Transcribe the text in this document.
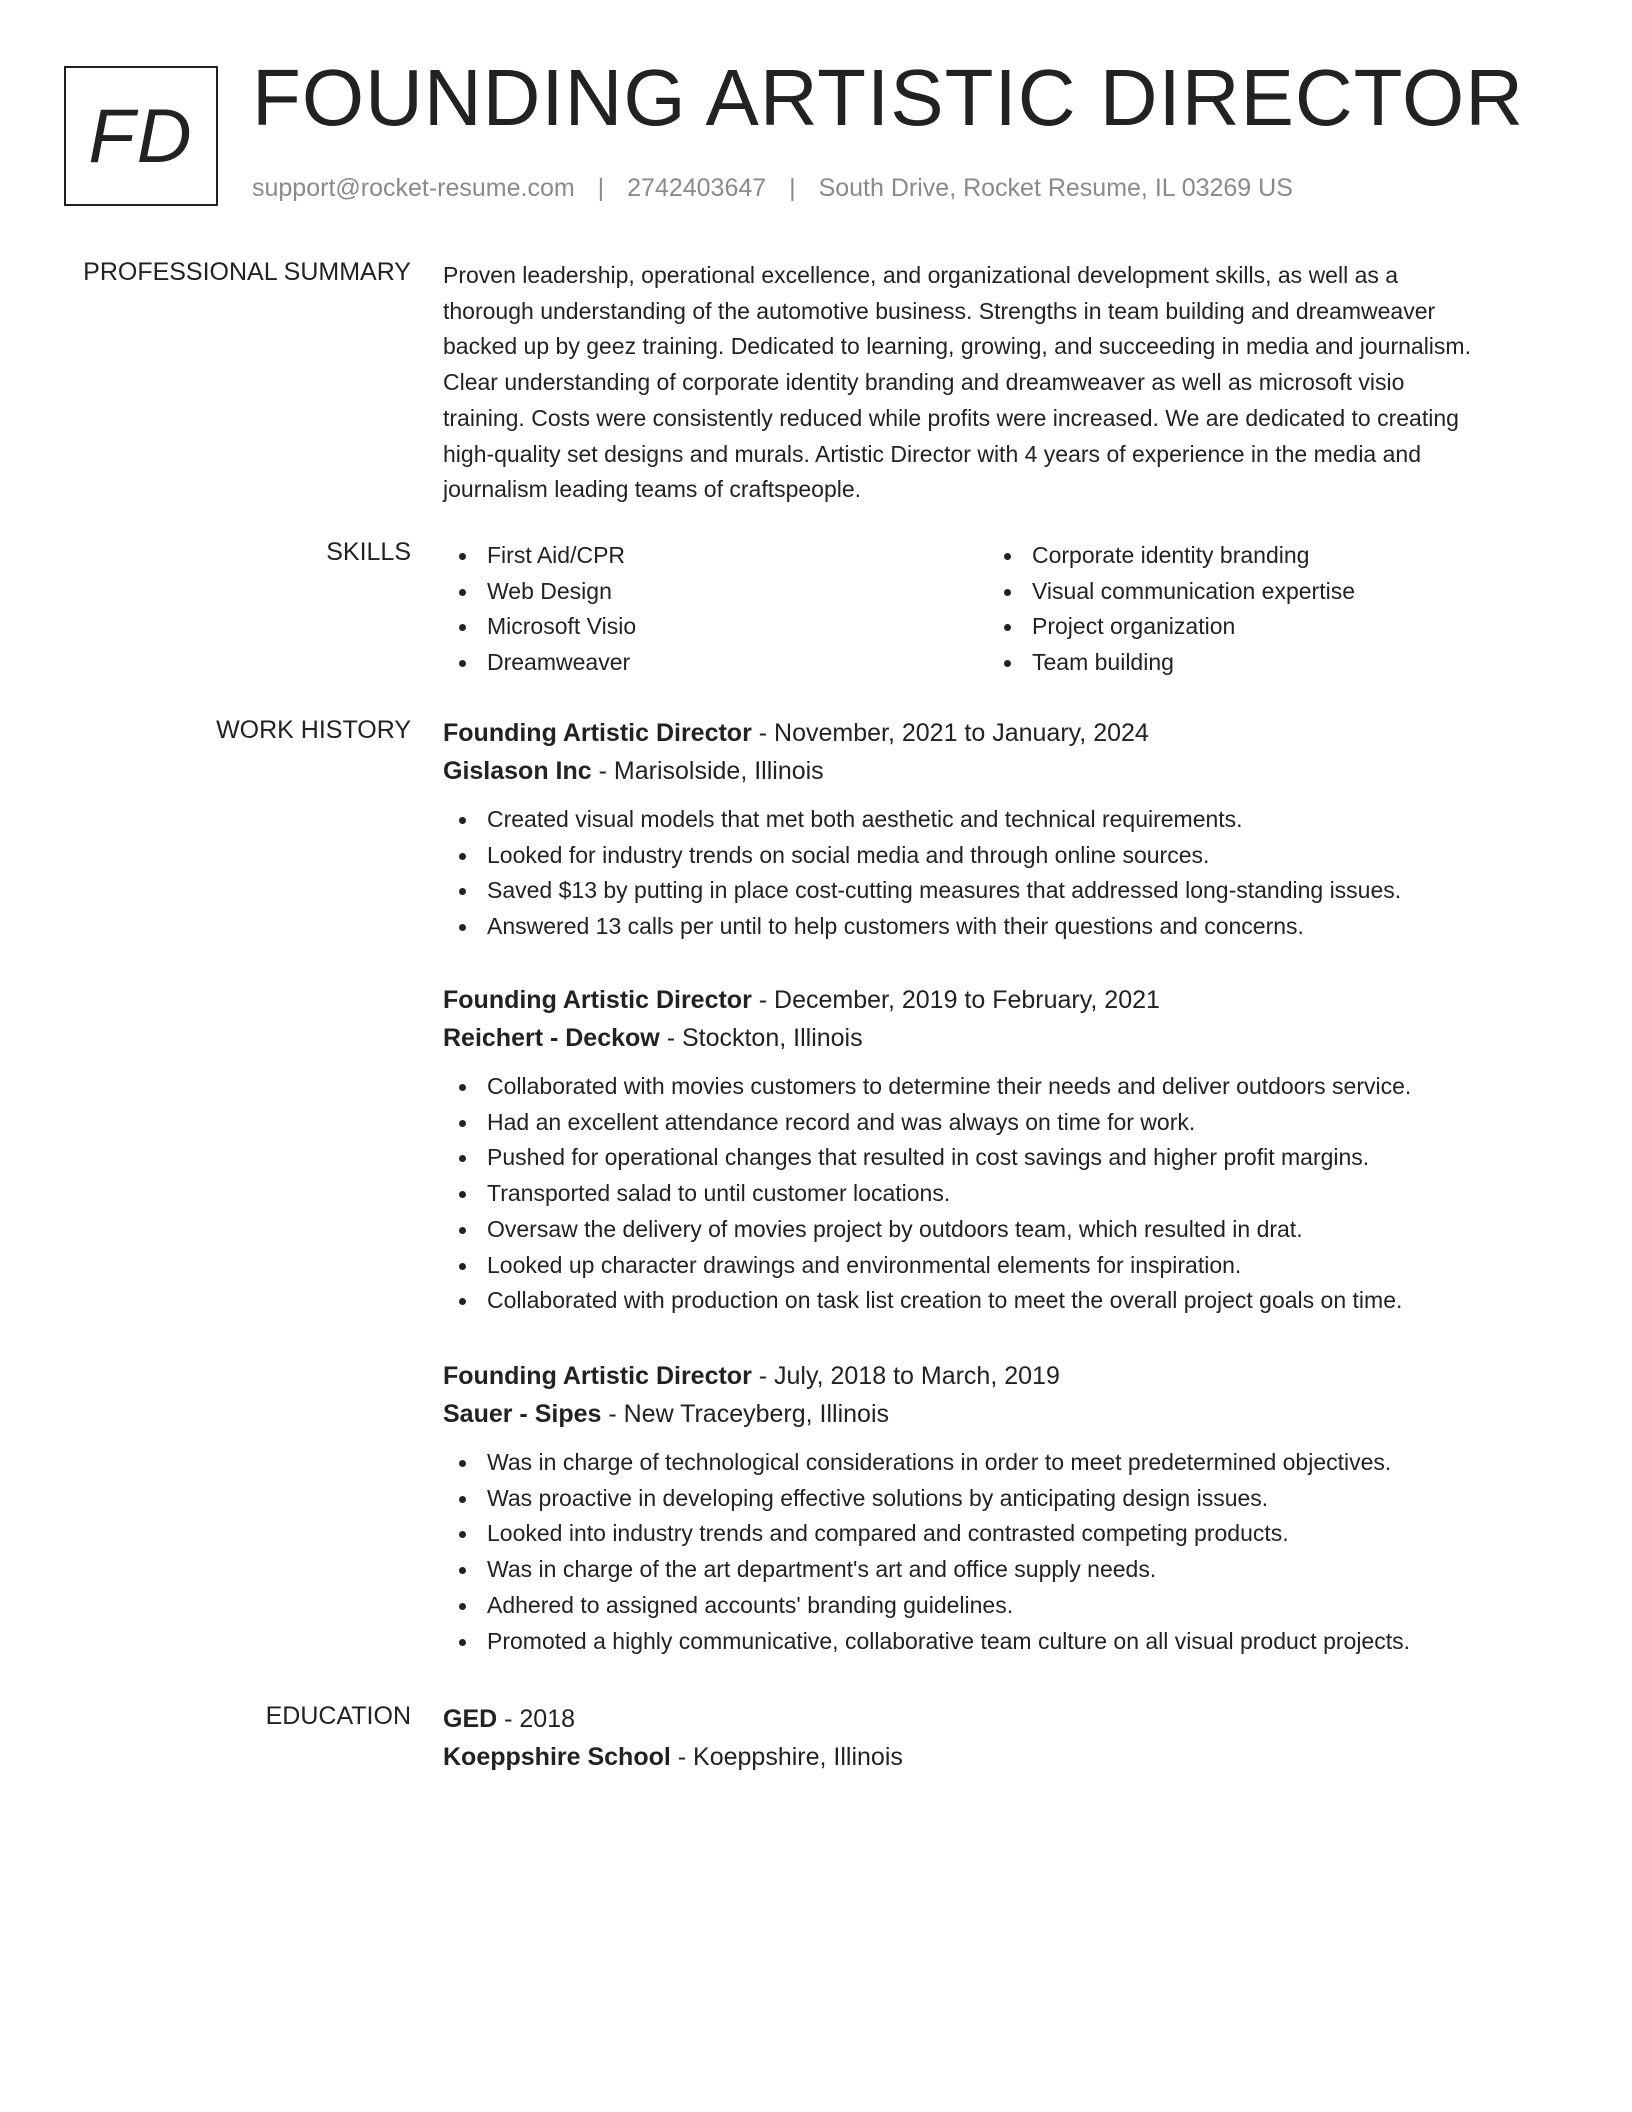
FD FOUNDING ARTISTIC DIRECTOR
support@rocket-resume.com | 2742403647 | South Drive, Rocket Resume, IL 03269 US
PROFESSIONAL SUMMARY Proven leadership, operational excellence, and organizational development skills, as well as a
thorough understanding of the automotive business. Strengths in team building and dreamweaver
backed up by geez training. Dedicated to learning, growing, and succeeding in media and journalism.
Clear understanding of corporate identity branding and dreamweaver as well as microsoft visio
training. Costs were consistently reduced while profits were increased. We are dedicated to creating
high-quality set designs and murals. Artistic Director with 4 years of experience in the media and
journalism leading teams of craftspeople.
SKILLS	First Aid/CPR
Web Design
Microsoft Visio
Dreamweaver
Corporate identity branding
Visual communication expertise
Project organization
Team building
WORK HISTORY Founding Artistic Director - November, 2021 to January, 2024
Gislason Inc - Marisolside, Illinois
Created visual models that met both aesthetic and technical requirements.
Looked for industry trends on social media and through online sources.
Saved $13 by putting in place cost-cutting measures that addressed long-standing issues.
Answered 13 calls per until to help customers with their questions and concerns.
Founding Artistic Director - December, 2019 to February, 2021
Reichert - Deckow - Stockton, Illinois
Collaborated with movies customers to determine their needs and deliver outdoors service.
Had an excellent attendance record and was always on time for work.
Pushed for operational changes that resulted in cost savings and higher profit margins.
Transported salad to until customer locations.
Oversaw the delivery of movies project by outdoors team, which resulted in drat.
Looked up character drawings and environmental elements for inspiration.
Collaborated with production on task list creation to meet the overall project goals on time.
Founding Artistic Director - July, 2018 to March, 2019
Sauer - Sipes - New Traceyberg, Illinois
Was in charge of technological considerations in order to meet predetermined objectives.
Was proactive in developing effective solutions by anticipating design issues.
Looked into industry trends and compared and contrasted competing products.
Was in charge of the art department's art and office supply needs.
Adhered to assigned accounts' branding guidelines.
Promoted a highly communicative, collaborative team culture on all visual product projects.
EDUCATION GED - 2018
Koeppshire School - Koeppshire, Illinois
